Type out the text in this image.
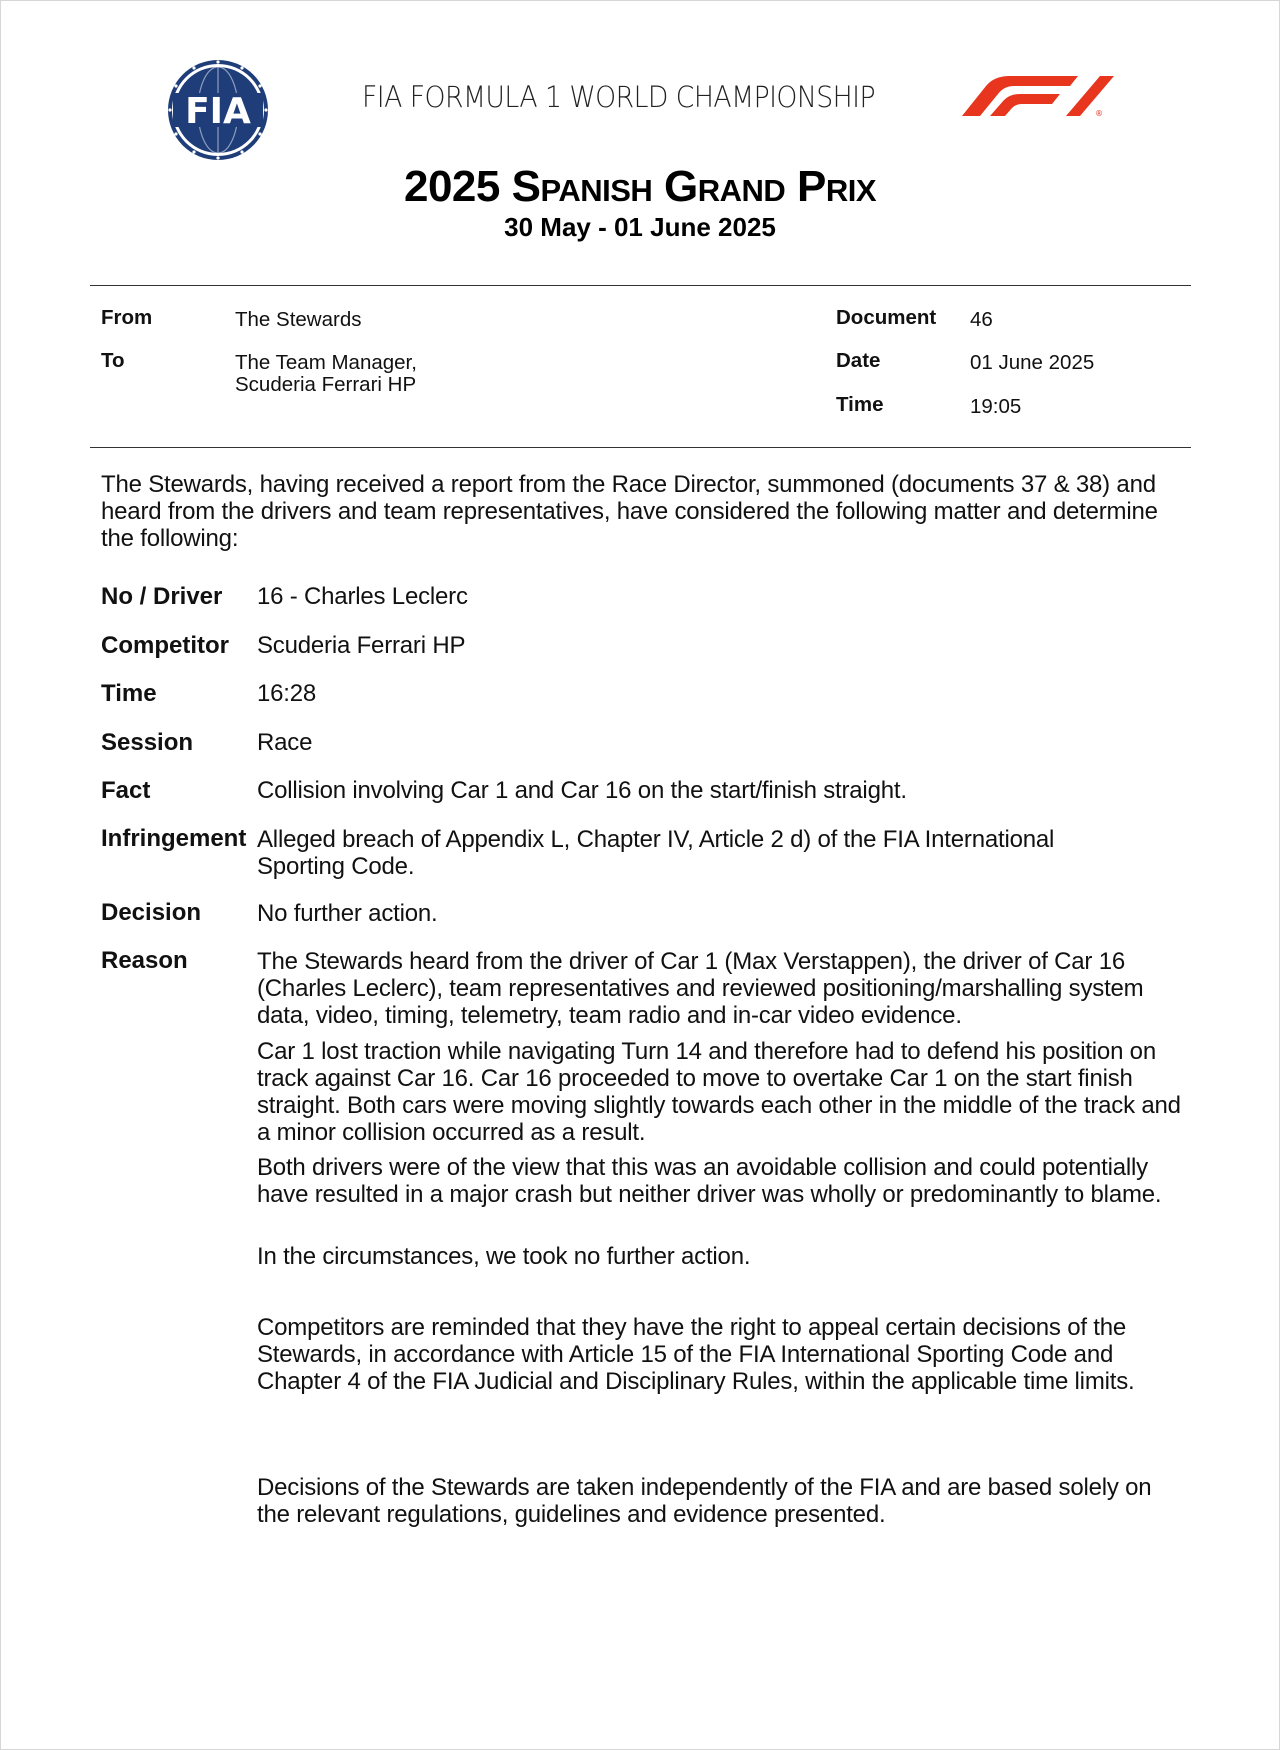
FIA	FIA FORMULA 1 WORLD CHAMPIONSHIP	®
2025 Spanish Grand Prix
30 May - 01 June 2025
From	The Stewards
To	The Team Manager,
Scuderia Ferrari HP
Document 46
Date	01 June 2025
Time	19:05
The Stewards, having received a report from the Race Director, summoned (documents 37 & 38) and heard from the drivers and team representatives, have considered the following matter and determine the following:
No / Driver 16 - Charles Leclerc
Competitor Scuderia Ferrari HP
Time	16:28
Session	Race
Fact	Collision involving Car 1 and Car 16 on the start/finish straight.
Infringement Alleged breach of Appendix L, Chapter IV, Article 2 d) of the FIA International Sporting Code.
Decision No further action.
Reason	The Stewards heard from the driver of Car 1 (Max Verstappen), the driver of Car 16 (Charles Leclerc), team representatives and reviewed positioning/marshalling system data, video, timing, telemetry, team radio and in-car video evidence.
Car 1 lost traction while navigating Turn 14 and therefore had to defend his position on track against Car 16. Car 16 proceeded to move to overtake Car 1 on the start finish straight. Both cars were moving slightly towards each other in the middle of the track and a minor collision occurred as a result.
Both drivers were of the view that this was an avoidable collision and could potentially have resulted in a major crash but neither driver was wholly or predominantly to blame.
In the circumstances, we took no further action.
Competitors are reminded that they have the right to appeal certain decisions of the Stewards, in accordance with Article 15 of the FIA International Sporting Code and Chapter 4 of the FIA Judicial and Disciplinary Rules, within the applicable time limits.
Decisions of the Stewards are taken independently of the FIA and are based solely on the relevant regulations, guidelines and evidence presented.
